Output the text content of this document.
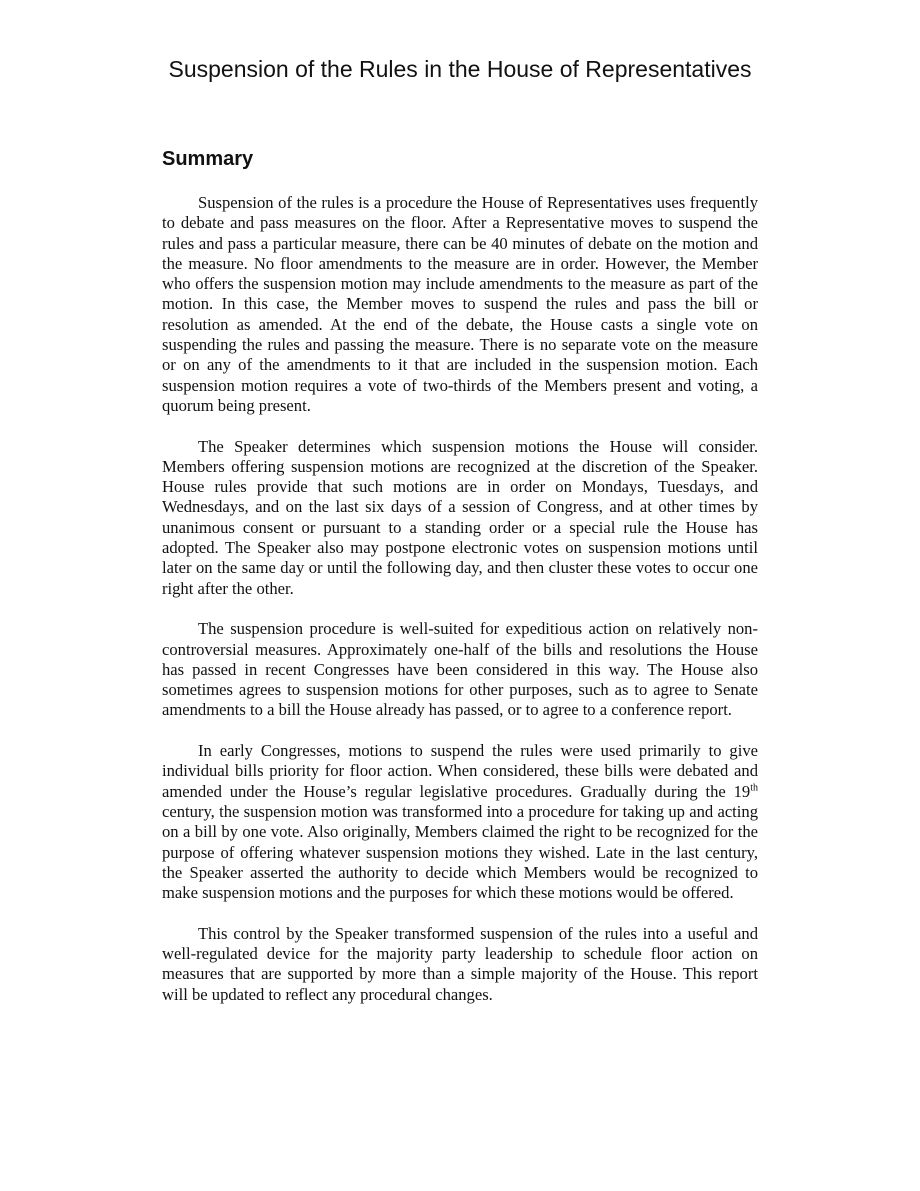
Suspension of the Rules in the House of Representatives
Summary

Suspension of the rules is a procedure the House of Representatives uses frequently to debate and pass measures on the floor. After a Representative moves to suspend the rules and pass a particular measure, there can be 40 minutes of debate on the motion and the measure. No floor amendments to the measure are in order. However, the Member who offers the suspension motion may include amendments to the measure as part of the motion. In this case, the Member moves to suspend the rules and pass the bill or resolution as amended. At the end of the debate, the House casts a single vote on suspending the rules and passing the measure. There is no separate vote on the measure or on any of the amendments to it that are included in the suspension motion. Each suspension motion requires a vote of two-thirds of the Members present and voting, a quorum being present.

The Speaker determines which suspension motions the House will consider. Members offering suspension motions are recognized at the discretion of the Speaker. House rules provide that such motions are in order on Mondays, Tuesdays, and Wednesdays, and on the last six days of a session of Congress, and at other times by unanimous consent or pursuant to a standing order or a special rule the House has adopted. The Speaker also may postpone electronic votes on suspension motions until later on the same day or until the following day, and then cluster these votes to occur one right after the other.

The suspension procedure is well-suited for expeditious action on relatively non-controversial measures. Approximately one-half of the bills and resolutions the House has passed in recent Congresses have been considered in this way. The House also sometimes agrees to suspension motions for other purposes, such as to agree to Senate amendments to a bill the House already has passed, or to agree to a conference report.

In early Congresses, motions to suspend the rules were used primarily to give individual bills priority for floor action. When considered, these bills were debated and amended under the House’s regular legislative procedures. Gradually during the 19th century, the suspension motion was transformed into a procedure for taking up and acting on a bill by one vote. Also originally, Members claimed the right to be recognized for the purpose of offering whatever suspension motions they wished. Late in the last century, the Speaker asserted the authority to decide which Members would be recognized to make suspension motions and the purposes for which these motions would be offered.

This control by the Speaker transformed suspension of the rules into a useful and well-regulated device for the majority party leadership to schedule floor action on measures that are supported by more than a simple majority of the House. This report will be updated to reflect any procedural changes.
